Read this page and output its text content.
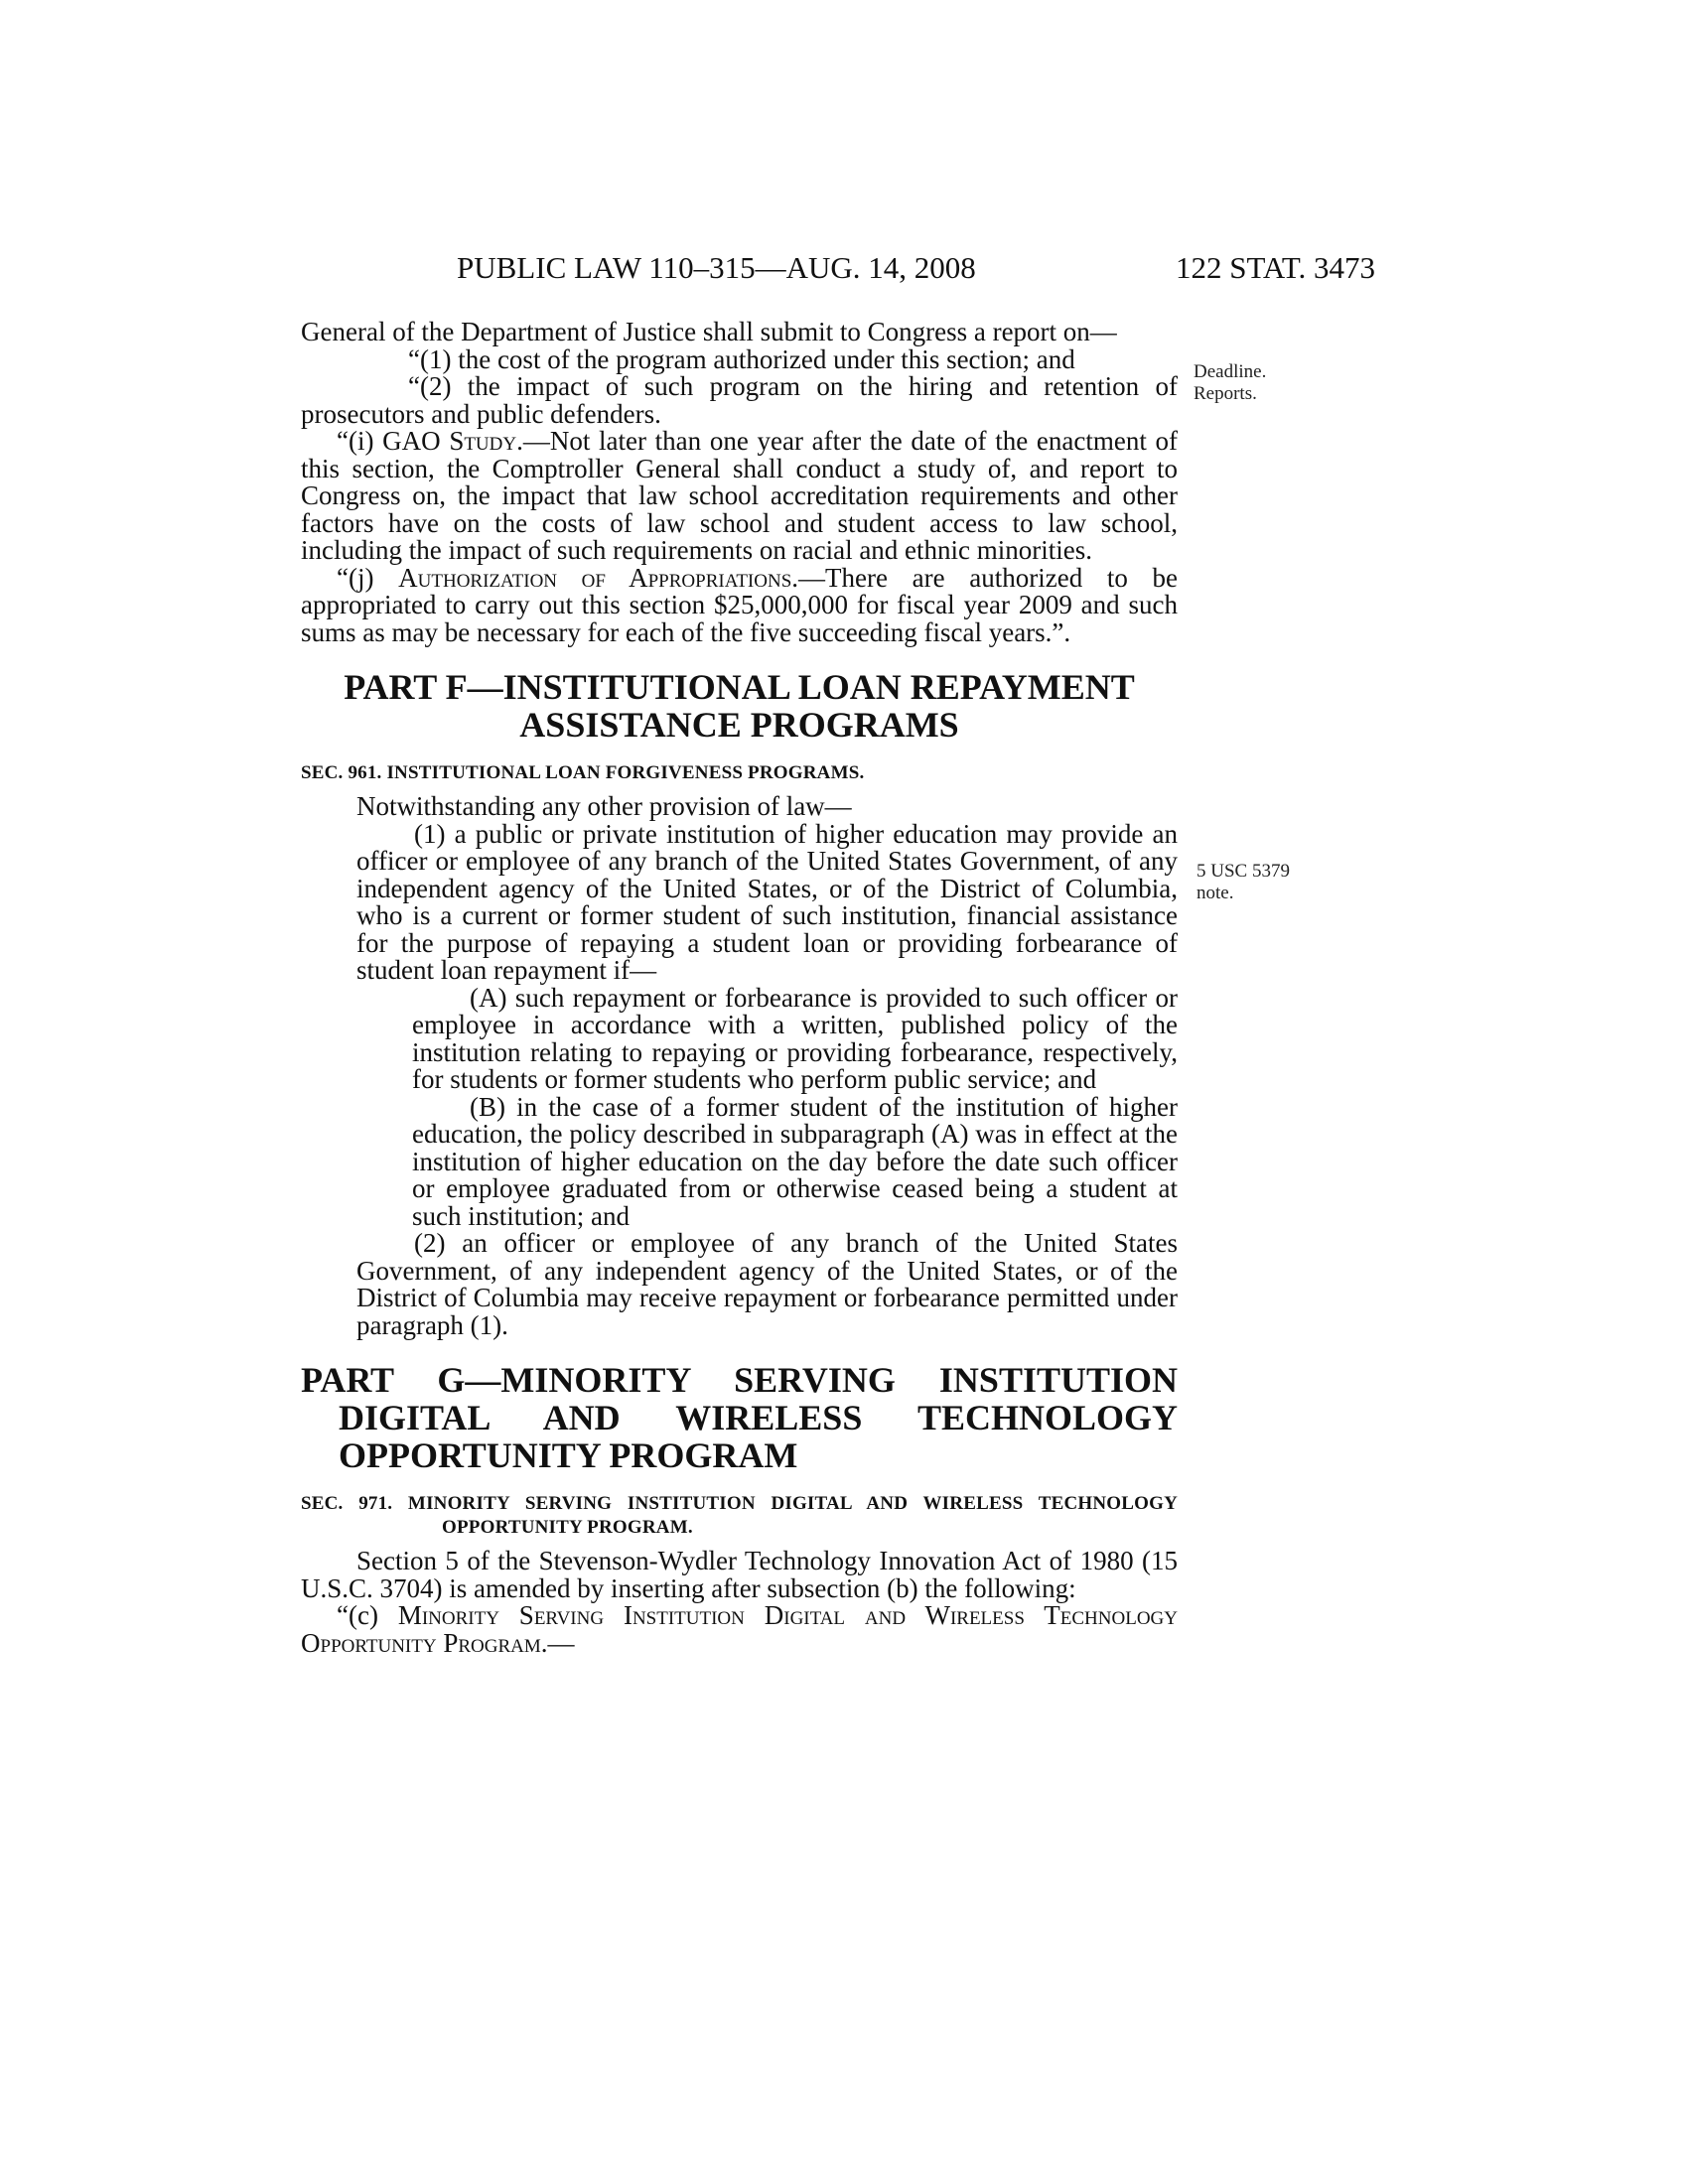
PUBLIC LAW 110–315—AUG. 14, 2008	122 STAT. 3473
Deadline.
Reports.
5 USC 5379
note.

General of the Department of Justice shall submit to Congress a report on—

“(1) the cost of the program authorized under this section; and

“(2) the impact of such program on the hiring and retention of prosecutors and public defenders.

“(i) GAO Study.—Not later than one year after the date of the enactment of this section, the Comptroller General shall conduct a study of, and report to Congress on, the impact that law school accreditation requirements and other factors have on the costs of law school and student access to law school, including the impact of such requirements on racial and ethnic minorities.

“(j) Authorization of Appropriations.—There are authorized to be appropriated to carry out this section $25,000,000 for fiscal year 2009 and such sums as may be necessary for each of the five succeeding fiscal years.”.

PART F—INSTITUTIONAL LOAN REPAYMENT ASSISTANCE PROGRAMS
SEC. 961. INSTITUTIONAL LOAN FORGIVENESS PROGRAMS.

Notwithstanding any other provision of law—

(1) a public or private institution of higher education may provide an officer or employee of any branch of the United States Government, of any independent agency of the United States, or of the District of Columbia, who is a current or former student of such institution, financial assistance for the purpose of repaying a student loan or providing forbearance of student loan repayment if—

(A) such repayment or forbearance is provided to such officer or employee in accordance with a written, published policy of the institution relating to repaying or providing forbearance, respectively, for students or former students who perform public service; and

(B) in the case of a former student of the institution of higher education, the policy described in subparagraph (A) was in effect at the institution of higher education on the day before the date such officer or employee graduated from or otherwise ceased being a student at such institution; and

(2) an officer or employee of any branch of the United States Government, of any independent agency of the United States, or of the District of Columbia may receive repayment or forbearance permitted under paragraph (1).

PART G—MINORITY SERVING INSTITUTION DIGITAL AND WIRELESS TECHNOLOGY OPPORTUNITY PROGRAM
SEC. 971. MINORITY SERVING INSTITUTION DIGITAL AND WIRELESS TECHNOLOGY OPPORTUNITY PROGRAM.

Section 5 of the Stevenson-Wydler Technology Innovation Act of 1980 (15 U.S.C. 3704) is amended by inserting after subsection (b) the following:

“(c) Minority Serving Institution Digital and Wireless Technology Opportunity Program.—
